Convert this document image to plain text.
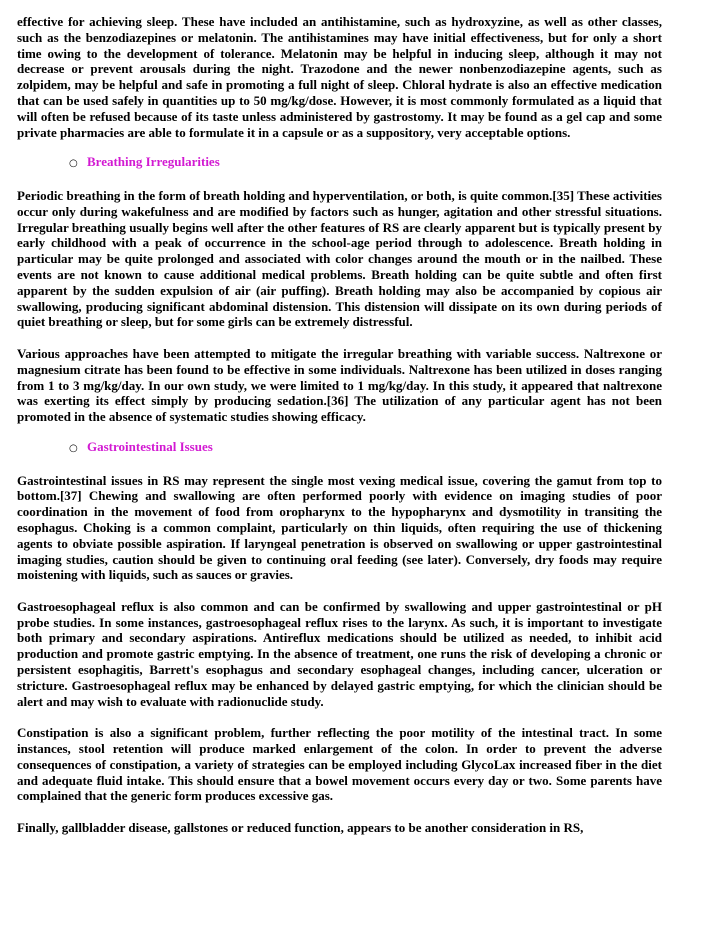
effective for achieving sleep. These have included an antihistamine, such as hydroxyzine, as well as other classes, such as the benzodiazepines or melatonin. The antihistamines may have initial effectiveness, but for only a short time owing to the development of tolerance. Melatonin may be helpful in inducing sleep, although it may not decrease or prevent arousals during the night. Trazodone and the newer nonbenzodiazepine agents, such as zolpidem, may be helpful and safe in promoting a full night of sleep. Chloral hydrate is also an effective medication that can be used safely in quantities up to 50 mg/kg/dose. However, it is most commonly formulated as a liquid that will often be refused because of its taste unless administered by gastrostomy. It may be found as a gel cap and some private pharmacies are able to formulate it in a capsule or as a suppository, very acceptable options.

○ Breathing Irregularities

Periodic breathing in the form of breath holding and hyperventilation, or both, is quite common.[35] These activities occur only during wakefulness and are modified by factors such as hunger, agitation and other stressful situations. Irregular breathing usually begins well after the other features of RS are clearly apparent but is typically present by early childhood with a peak of occurrence in the school-age period through to adolescence. Breath holding in particular may be quite prolonged and associated with color changes around the mouth or in the nailbed. These events are not known to cause additional medical problems. Breath holding can be quite subtle and often first apparent by the sudden expulsion of air (air puffing). Breath holding may also be accompanied by copious air swallowing, producing significant abdominal distension. This distension will dissipate on its own during periods of quiet breathing or sleep, but for some girls can be extremely distressful.

Various approaches have been attempted to mitigate the irregular breathing with variable success. Naltrexone or magnesium citrate has been found to be effective in some individuals. Naltrexone has been utilized in doses ranging from 1 to 3 mg/kg/day. In our own study, we were limited to 1 mg/kg/day. In this study, it appeared that naltrexone was exerting its effect simply by producing sedation.[36] The utilization of any particular agent has not been promoted in the absence of systematic studies showing efficacy.

○ Gastrointestinal Issues

Gastrointestinal issues in RS may represent the single most vexing medical issue, covering the gamut from top to bottom.[37] Chewing and swallowing are often performed poorly with evidence on imaging studies of poor coordination in the movement of food from oropharynx to the hypopharynx and dysmotility in transiting the esophagus. Choking is a common complaint, particularly on thin liquids, often requiring the use of thickening agents to obviate possible aspiration. If laryngeal penetration is observed on swallowing or upper gastrointestinal imaging studies, caution should be given to continuing oral feeding (see later). Conversely, dry foods may require moistening with liquids, such as sauces or gravies.

Gastroesophageal reflux is also common and can be confirmed by swallowing and upper gastrointestinal or pH probe studies. In some instances, gastroesophageal reflux rises to the larynx. As such, it is important to investigate both primary and secondary aspirations. Antireflux medications should be utilized as needed, to inhibit acid production and promote gastric emptying. In the absence of treatment, one runs the risk of developing a chronic or persistent esophagitis, Barrett's esophagus and secondary esophageal changes, including cancer, ulceration or stricture. Gastroesophageal reflux may be enhanced by delayed gastric emptying, for which the clinician should be alert and may wish to evaluate with radionuclide study.

Constipation is also a significant problem, further reflecting the poor motility of the intestinal tract. In some instances, stool retention will produce marked enlargement of the colon. In order to prevent the adverse consequences of constipation, a variety of strategies can be employed including GlycoLax increased fiber in the diet and adequate fluid intake. This should ensure that a bowel movement occurs every day or two. Some parents have complained that the generic form produces excessive gas.

Finally, gallbladder disease, gallstones or reduced function, appears to be another consideration in RS,
